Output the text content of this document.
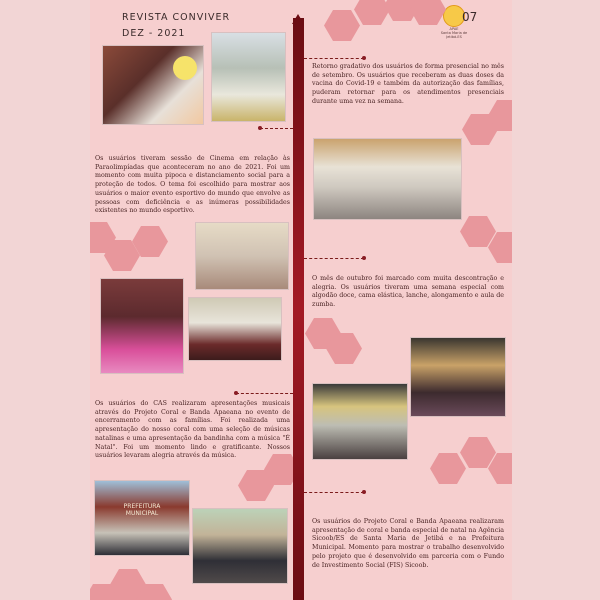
REVISTA CONVIVER
DEZ - 2021	APAE
Santa Maria de Jetibá-ES
07
PREFEITURA MUNICIPAL
Retorno gradativo dos usuários de forma presencial no mês de setembro. Os usuários que receberam as duas doses da vacina do Covid-19 e também da autorização das famílias, puderam retornar para os atendimentos presenciais durante uma vez na semana.
Os usuários tiveram sessão de Cinema em relação às Paraolimpíadas que aconteceram no ano de 2021. Foi um momento com muita pipoca e distanciamento social para a proteção de todos. O tema foi escolhido para mostrar aos usuários o maior evento esportivo do mundo que envolve as pessoas com deficiência e as inúmeras possibilidades existentes no mundo esportivo.
O mês de outubro foi marcado com muita descontração e alegria. Os usuários tiveram uma semana especial com algodão doce, cama elástica, lanche, alongamento e aula de zumba.
Os usuários do CAS realizaram apresentações musicais através do Projeto Coral e Banda Apaeana no evento de encerramento com as famílias. Foi realizada uma apresentação do nosso coral com uma seleção de músicas natalinas e uma apresentação da bandinha com a música "É Natal". Foi um momento lindo e gratificante. Nossos usuários levaram alegria através da música.
Os usuários do Projeto Coral e Banda Apaeana realizaram apresentação de coral e banda especial de natal na Agência Sicoob/ES de Santa Maria de Jetibá e na Prefeitura Municipal. Momento para mostrar o trabalho desenvolvido pelo projeto que é desenvolvido em parceria com o Fundo de Investimento Social (FIS) Sicoob.
